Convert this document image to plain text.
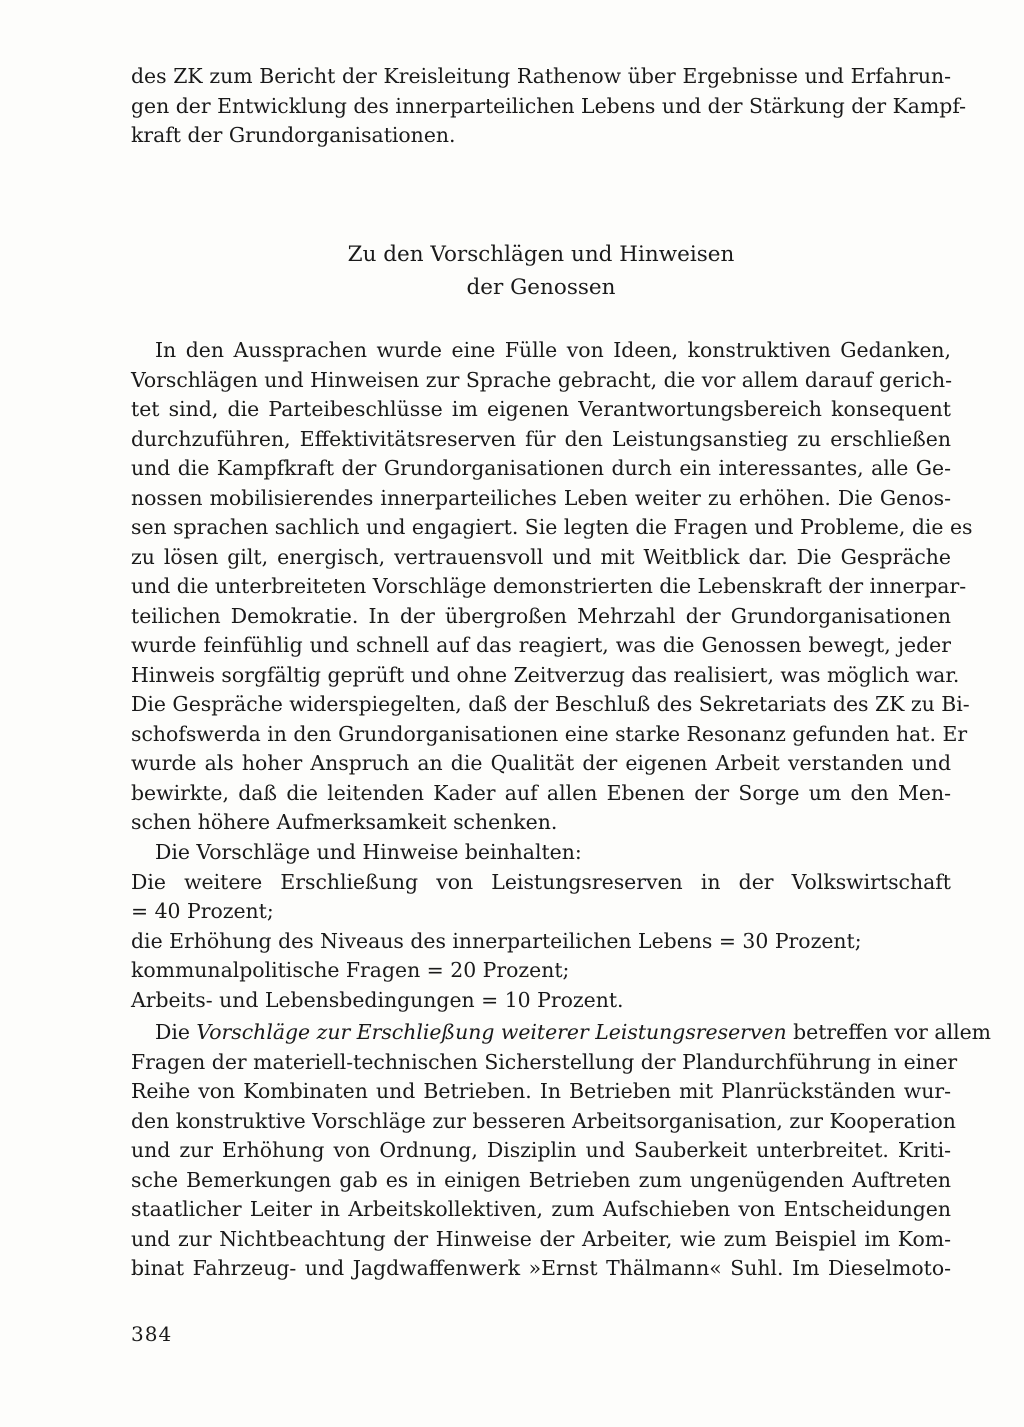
des ZK zum Bericht der Kreisleitung Rathenow über Ergebnisse und Erfahrun-
gen der Entwicklung des innerparteilichen Lebens und der Stärkung der Kampf-
kraft der Grundorganisationen.

Zu den Vorschlägen und Hinweisen
der Genossen

In den Aussprachen wurde eine Fülle von Ideen, konstruktiven Gedanken,
Vorschlägen und Hinweisen zur Sprache gebracht, die vor allem darauf gerich-
tet sind, die Parteibeschlüsse im eigenen Verantwortungsbereich konsequent
durchzuführen, Effektivitätsreserven für den Leistungsanstieg zu erschließen
und die Kampfkraft der Grundorganisationen durch ein interessantes, alle Ge-
nossen mobilisierendes innerparteiliches Leben weiter zu erhöhen. Die Genos-
sen sprachen sachlich und engagiert. Sie legten die Fragen und Probleme, die es
zu lösen gilt, energisch, vertrauensvoll und mit Weitblick dar. Die Gespräche
und die unterbreiteten Vorschläge demonstrierten die Lebenskraft der innerpar-
teilichen Demokratie. In der übergroßen Mehrzahl der Grundorganisationen
wurde feinfühlig und schnell auf das reagiert, was die Genossen bewegt, jeder
Hinweis sorgfältig geprüft und ohne Zeitverzug das realisiert, was möglich war.
Die Gespräche widerspiegelten, daß der Beschluß des Sekretariats des ZK zu Bi-
schofswerda in den Grundorganisationen eine starke Resonanz gefunden hat. Er
wurde als hoher Anspruch an die Qualität der eigenen Arbeit verstanden und
bewirkte, daß die leitenden Kader auf allen Ebenen der Sorge um den Men-
schen höhere Aufmerksamkeit schenken.

Die Vorschläge und Hinweise beinhalten:
Die weitere Erschließung von Leistungsreserven in der Volkswirtschaft
= 40 Prozent;
die Erhöhung des Niveaus des innerparteilichen Lebens = 30 Prozent;
kommunalpolitische Fragen = 20 Prozent;
Arbeits- und Lebensbedingungen = 10 Prozent.

Die Vorschläge zur Erschließung weiterer Leistungsreserven betreffen vor allem
Fragen der materiell-technischen Sicherstellung der Plandurchführung in einer
Reihe von Kombinaten und Betrieben. In Betrieben mit Planrückständen wur-
den konstruktive Vorschläge zur besseren Arbeitsorganisation, zur Kooperation
und zur Erhöhung von Ordnung, Disziplin und Sauberkeit unterbreitet. Kriti-
sche Bemerkungen gab es in einigen Betrieben zum ungenügenden Auftreten
staatlicher Leiter in Arbeitskollektiven, zum Aufschieben von Entscheidungen
und zur Nichtbeachtung der Hinweise der Arbeiter, wie zum Beispiel im Kom-
binat Fahrzeug- und Jagdwaffenwerk »Ernst Thälmann« Suhl. Im Dieselmoto-

384
